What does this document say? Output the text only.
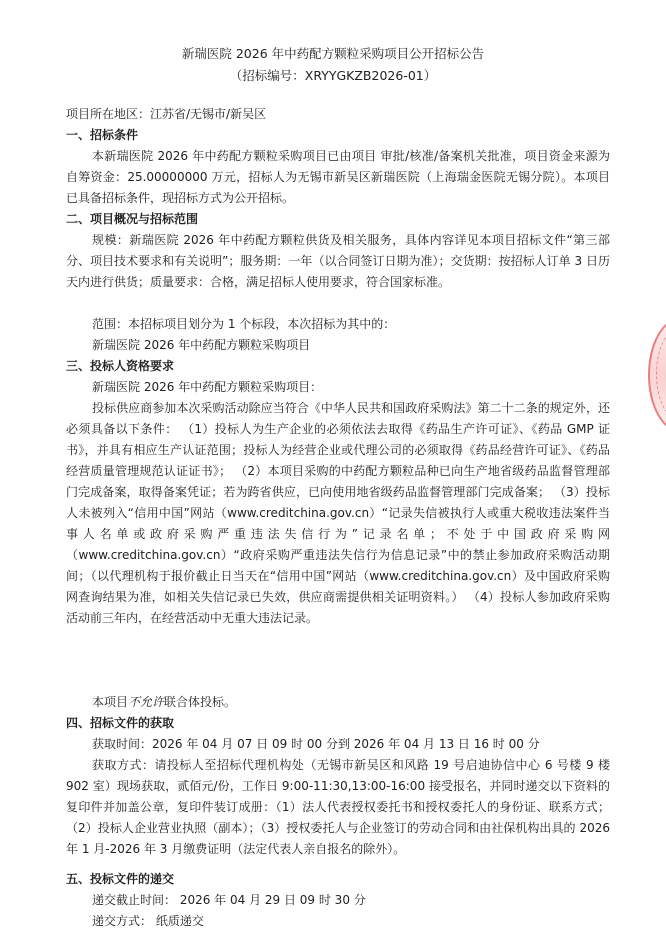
新瑞医院 2026 年中药配方颗粒采购项目公开招标公告
（招标编号：XRYYGKZB2026-01）

项目所在地区：江苏省/无锡市/新吴区

一、招标条件

本新瑞医院 2026 年中药配方颗粒采购项目已由项目 审批/核准/备案机关批准，项目资金来源为自筹资金：25.00000000 万元，招标人为无锡市新吴区新瑞医院（上海瑞金医院无锡分院）。本项目已具备招标条件，现招标方式为公开招标。

二、项目概况与招标范围

规模：新瑞医院 2026 年中药配方颗粒供货及相关服务，具体内容详见本项目招标文件“第三部分、项目技术要求和有关说明”；服务期：一年（以合同签订日期为准）；交货期：按招标人订单 3 日历天内进行供货；质量要求：合格，满足招标人使用要求，符合国家标准。

范围：本招标项目划分为 1 个标段，本次招标为其中的：

新瑞医院 2026 年中药配方颗粒采购项目

三、投标人资格要求

新瑞医院 2026 年中药配方颗粒采购项目：

投标供应商参加本次采购活动除应当符合《中华人民共和国政府采购法》第二十二条的规定外，还必须具备以下条件： （1）投标人为生产企业的必须依法去取得《药品生产许可证》、《药品 GMP 证书》，并具有相应生产认证范围；投标人为经营企业或代理公司的必须取得《药品经营许可证》、《药品经营质量管理规范认证证书》； （2）本项目采购的中药配方颗粒品种已向生产地省级药品监督管理部门完成备案，取得备案凭证；若为跨省供应，已向使用地省级药品监督管理部门完成备案； （3）投标人未被列入“信用中国”网站（www.creditchina.gov.cn）“记录失信被执行人或重大税收违法案件当事人名单或政府采购严重违法失信行为”记录名单；不处于中国政府采购网（www.creditchina.gov.cn）“政府采购严重违法失信行为信息记录”中的禁止参加政府采购活动期间；（以代理机构于报价截止日当天在“信用中国”网站（www.creditchina.gov.cn）及中国政府采购网查询结果为准，如相关失信记录已失效，供应商需提供相关证明资料。） （4）投标人参加政府采购活动前三年内，在经营活动中无重大违法记录。

本项目不允许联合体投标。

四、招标文件的获取

获取时间：2026 年 04 月 07 日 09 时 00 分到 2026 年 04 月 13 日 16 时 00 分

获取方式：请投标人至招标代理机构处（无锡市新吴区和风路 19 号启迪协信中心 6 号楼 9 楼 902 室）现场获取，贰佰元/份，工作日 9:00-11:30,13:00-16:00 接受报名，并同时递交以下资料的复印件并加盖公章，复印件装订成册：（1）法人代表授权委托书和授权委托人的身份证、联系方式；（2）投标人企业营业执照（副本）；（3）授权委托人与企业签订的劳动合同和由社保机构出具的 2026 年 1 月-2026 年 3 月缴费证明（法定代表人亲自报名的除外）。

五、投标文件的递交

递交截止时间： 2026 年 04 月 29 日 09 时 30 分

递交方式： 纸质递交
